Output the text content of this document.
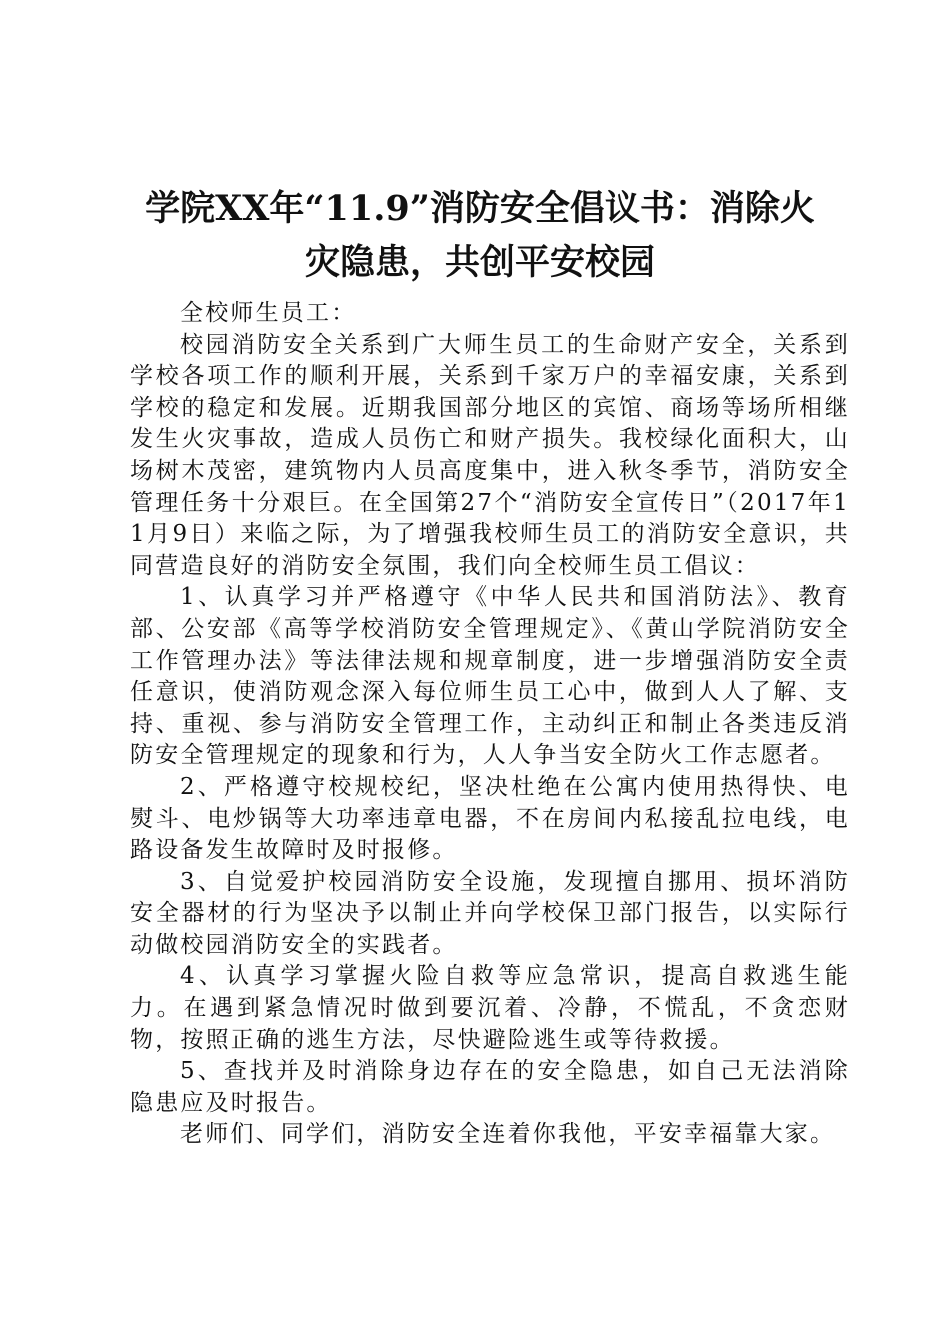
学院XX年“11.9”消防安全倡议书：消除火
灾隐患，共创平安校园

全校师生员工：

校园消防安全关系到广大师生员工的生命财产安全，关系到学校各项工作的顺利开展，关系到千家万户的幸福安康，关系到学校的稳定和发展。近期我国部分地区的宾馆、商场等场所相继发生火灾事故，造成人员伤亡和财产损失。我校绿化面积大，山场树木茂密，建筑物内人员高度集中，进入秋冬季节，消防安全管理任务十分艰巨。在全国第27个“消防安全宣传日”（2017年11月9日）来临之际，为了增强我校师生员工的消防安全意识，共同营造良好的消防安全氛围，我们向全校师生员工倡议：

1、认真学习并严格遵守《中华人民共和国消防法》、教育部、公安部《高等学校消防安全管理规定》、《黄山学院消防安全工作管理办法》等法律法规和规章制度，进一步增强消防安全责任意识，使消防观念深入每位师生员工心中，做到人人了解、支持、重视、参与消防安全管理工作，主动纠正和制止各类违反消防安全管理规定的现象和行为，人人争当安全防火工作志愿者。

2、严格遵守校规校纪，坚决杜绝在公寓内使用热得快、电熨斗、电炒锅等大功率违章电器，不在房间内私接乱拉电线，电路设备发生故障时及时报修。

3、自觉爱护校园消防安全设施，发现擅自挪用、损坏消防安全器材的行为坚决予以制止并向学校保卫部门报告，以实际行动做校园消防安全的实践者。

4、认真学习掌握火险自救等应急常识，提高自救逃生能力。在遇到紧急情况时做到要沉着、冷静，不慌乱，不贪恋财物，按照正确的逃生方法，尽快避险逃生或等待救援。

5、查找并及时消除身边存在的安全隐患，如自己无法消除隐患应及时报告。

老师们、同学们，消防安全连着你我他，平安幸福靠大家。
